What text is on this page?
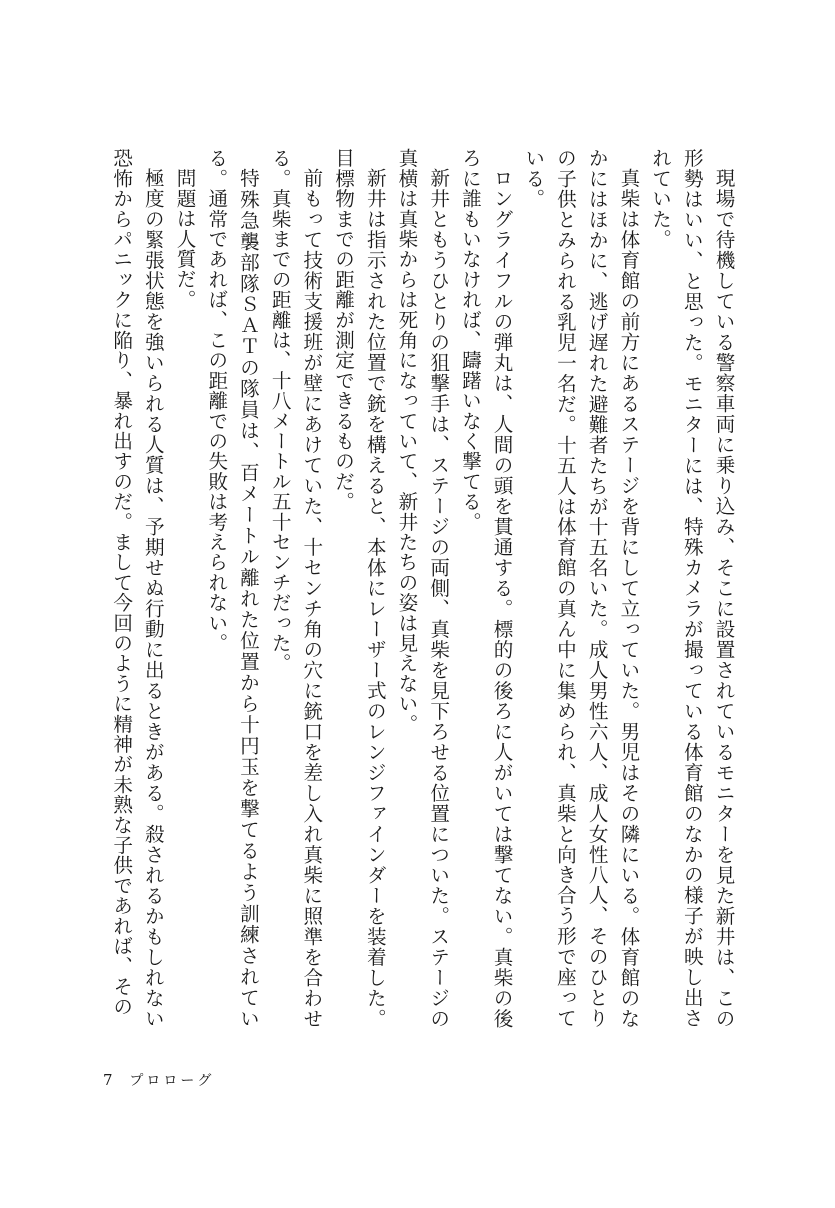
現場で待機している警察車両に乗り込み、そこに設置されているモニターを見た新井は、この形勢はいい、と思った。モニターには、特殊カメラが撮っている体育館のなかの様子が映し出されていた。

真柴は体育館の前方にあるステージを背にして立っていた。男児はその隣にいる。体育館のなかにはほかに、逃げ遅れた避難者たちが十五名いた。成人男性六人、成人女性八人、そのひとりの子供とみられる乳児一名だ。十五人は体育館の真ん中に集められ、真柴と向き合う形で座っている。

ロングライフルの弾丸は、人間の頭を貫通する。標的の後ろに人がいては撃てない。真柴の後ろに誰もいなければ、躊躇いなく撃てる。

新井ともうひとりの狙撃手は、ステージの両側、真柴を見下ろせる位置についた。ステージの真横は真柴からは死角になっていて、新井たちの姿は見えない。

新井は指示された位置で銃を構えると、本体にレーザー式のレンジファインダーを装着した。目標物までの距離が測定できるものだ。

前もって技術支援班が壁にあけていた、十センチ角の穴に銃口を差し入れ真柴に照準を合わせる。真柴までの距離は、十八メートル五十センチだった。

特殊急襲部隊ＳＡＴの隊員は、百メートル離れた位置から十円玉を撃てるよう訓練されている。通常であれば、この距離での失敗は考えられない。

問題は人質だ。

極度の緊張状態を強いられる人質は、予期せぬ行動に出るときがある。殺されるかもしれない恐怖からパニックに陥り、暴れ出すのだ。まして今回のように精神が未熟な子供であれば、その

7 プロローグ
